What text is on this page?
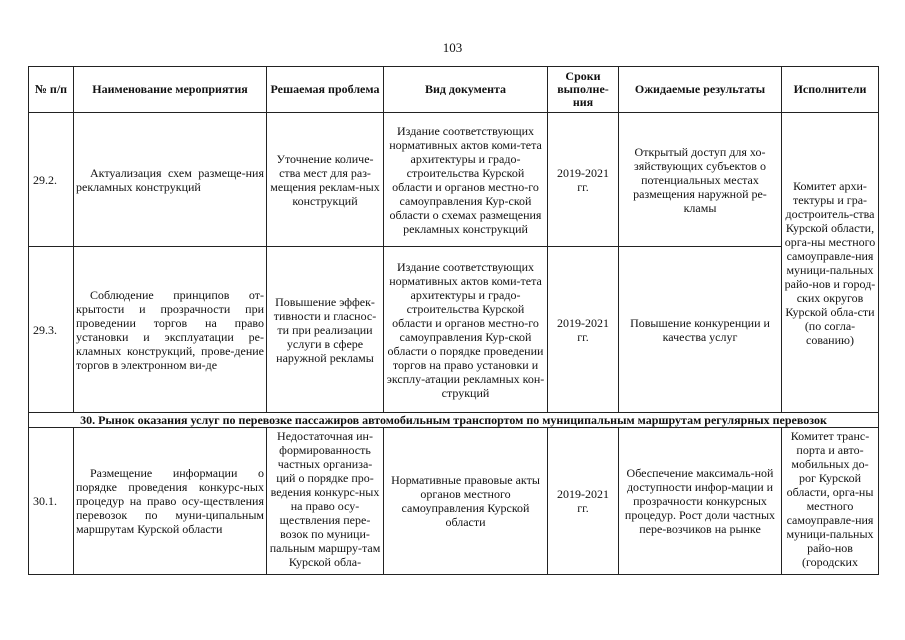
103
№ п/п	Наименование мероприятия	Решаемая проблема	Вид документа	Сроки выполне-ния	Ожидаемые результаты	Исполнители
29.2.	Актуализация схем размеще-ния рекламных конструкций	Уточнение количе-ства мест для раз-мещения реклам-ных конструкций	Издание соответствующих нормативных актов коми-тета архитектуры и градо-строительства Курской области и органов местно-го самоуправления Кур-ской области о схемах размещения рекламных конструкций	2019-2021 гг.	Открытый доступ для хо-зяйствующих субъектов о потенциальных местах размещения наружной ре-кламы	Комитет архи-тектуры и гра-достроитель-ства Курской области, орга-ны местного самоуправле-ния муници-пальных райо-нов и город-ских округов Курской обла-сти (по согла-сованию)
29.3.	Соблюдение принципов от-крытости и прозрачности при проведении торгов на право установки и эксплуатации ре-кламных конструкций, прове-дение торгов в электронном ви-де	Повышение эффек-тивности и гласнос-ти при реализации услуги в сфере наружной рекламы	Издание соответствующих нормативных актов коми-тета архитектуры и градо-строительства Курской области и органов местно-го самоуправления Кур-ской области о порядке проведении торгов на право установки и эксплу-атации рекламных кон-струкций	2019-2021 гг.	Повышение конкуренции и качества услуг	
30. Рынок оказания услуг по перевозке пассажиров автомобильным транспортом по муниципальным маршрутам регулярных перевозок						
30.1.	Размещение информации о порядке проведения конкурс-ных процедур на право осу-ществления перевозок по муни-ципальным маршрутам Курской области	Недостаточная ин-формированность частных организа-ций о порядке про-ведения конкурс-ных на право осу-ществления пере-возок по муници-пальным маршру-там Курской обла-	Нормативные правовые акты органов местного самоуправления Курской области	2019-2021 гг.	Обеспечение максималь-ной доступности инфор-мации и прозрачности конкурсных процедур. Рост доли частных пере-возчиков на рынке	Комитет транс-порта и авто-мобильных до-рог Курской области, орга-ны местного самоуправле-ния муници-пальных райо-нов (городских
